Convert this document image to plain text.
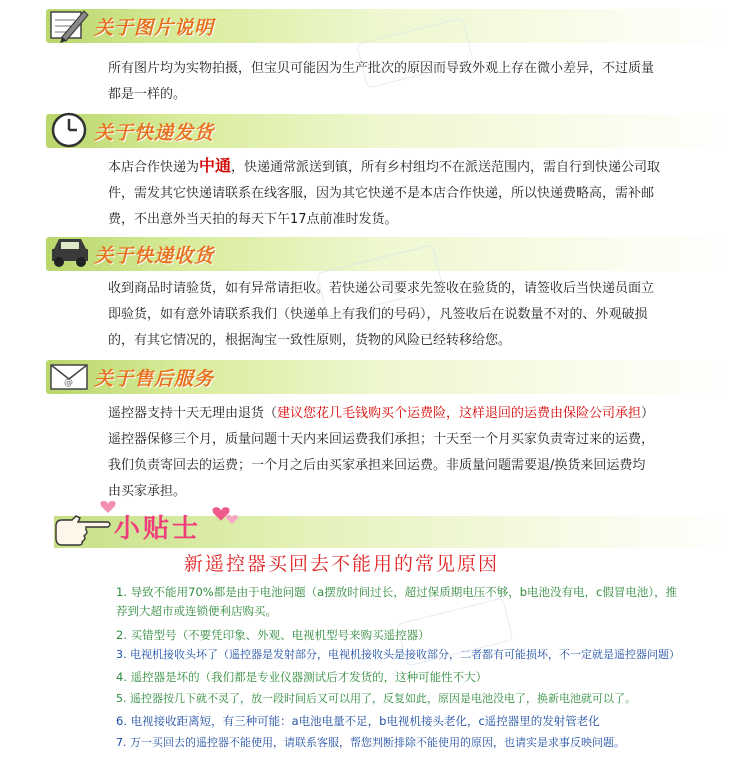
关于图片说明
所有图片均为实物拍摄，但宝贝可能因为生产批次的原因而导致外观上存在微小差异，不过质量
都是一样的。
关于快递发货
本店合作快递为中通，快递通常派送到镇，所有乡村组均不在派送范围内，需自行到快递公司取
件，需发其它快递请联系在线客服，因为其它快递不是本店合作快递，所以快递费略高，需补邮
费，不出意外当天拍的每天下午17点前准时发货。
关于快递收货
收到商品时请验货，如有异常请拒收。若快递公司要求先签收在验货的，请签收后当快递员面立
即验货，如有意外请联系我们（快递单上有我们的号码），凡签收后在说数量不对的、外观破损
的，有其它情况的，根据淘宝一致性原则，货物的风险已经转移给您。
@ 关于售后服务
遥控器支持十天无理由退货（建议您花几毛钱购买个运费险，这样退回的运费由保险公司承担）
遥控器保修三个月，质量问题十天内来回运费我们承担；十天至一个月买家负责寄过来的运费，
我们负责寄回去的运费；一个月之后由买家承担来回运费。非质量问题需要退/换货来回运费均
由买家承担。
小贴士
新遥控器买回去不能用的常见原因
1. 导致不能用70%都是由于电池问题（a摆放时间过长，超过保质期电压不够，b电池没有电，c假冒电池），推
荐到大超市或连锁便利店购买。
2. 买错型号（不要凭印象、外观、电视机型号来购买遥控器）
3. 电视机接收头坏了（遥控器是发射部分，电视机接收头是接收部分，二者都有可能损坏，不一定就是遥控器问题）
4. 遥控器是坏的（我们都是专业仪器测试后才发货的，这种可能性不大）
5. 遥控器按几下就不灵了，放一段时间后又可以用了，反复如此，原因是电池没电了，换新电池就可以了。
6. 电视接收距离短，有三种可能：a电池电量不足，b电视机接头老化，c遥控器里的发射管老化
7. 万一买回去的遥控器不能使用，请联系客服，帮您判断排除不能使用的原因，也请实是求事反映问题。
